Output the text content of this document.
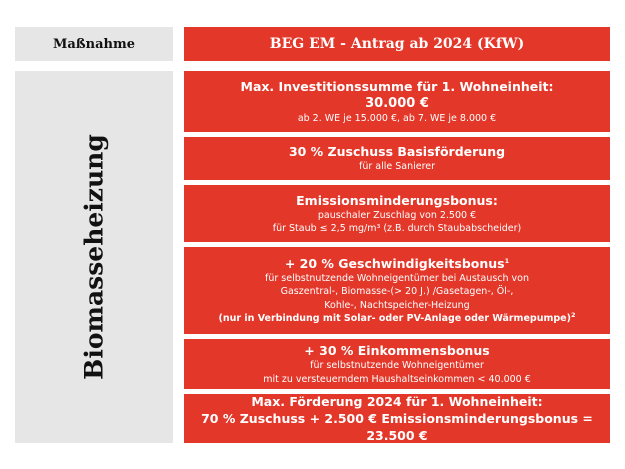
Maßnahme	BEG EM - Antrag ab 2024 (KfW)
Biomasseheizung
Max. Investitionssumme für 1. Wohneinheit:
30.000 €
ab 2. WE je 15.000 €, ab 7. WE je 8.000 €
30 % Zuschuss Basisförderung
für alle Sanierer
Emissionsminderungsbonus:
pauschaler Zuschlag von 2.500 €
für Staub ≤ 2,5 mg/m³ (z.B. durch Staubabscheider)
+ 20 % Geschwindigkeitsbonus$^1$
für selbstnutzende Wohneigentümer bei Austausch von
Gaszentral-, Biomasse-(> 20 J.) /Gasetagen-, Öl-,
Kohle-, Nachtspeicher-Heizung
(nur in Verbindung mit Solar- oder PV-Anlage oder Wärmepumpe)$^2$
+ 30 % Einkommensbonus
für selbstnutzende Wohneigentümer
mit zu versteuerndem Haushaltseinkommen < 40.000 €
Max. Förderung 2024 für 1. Wohneinheit:
70 % Zuschuss + 2.500 € Emissionsminderungsbonus = 23.500 €
